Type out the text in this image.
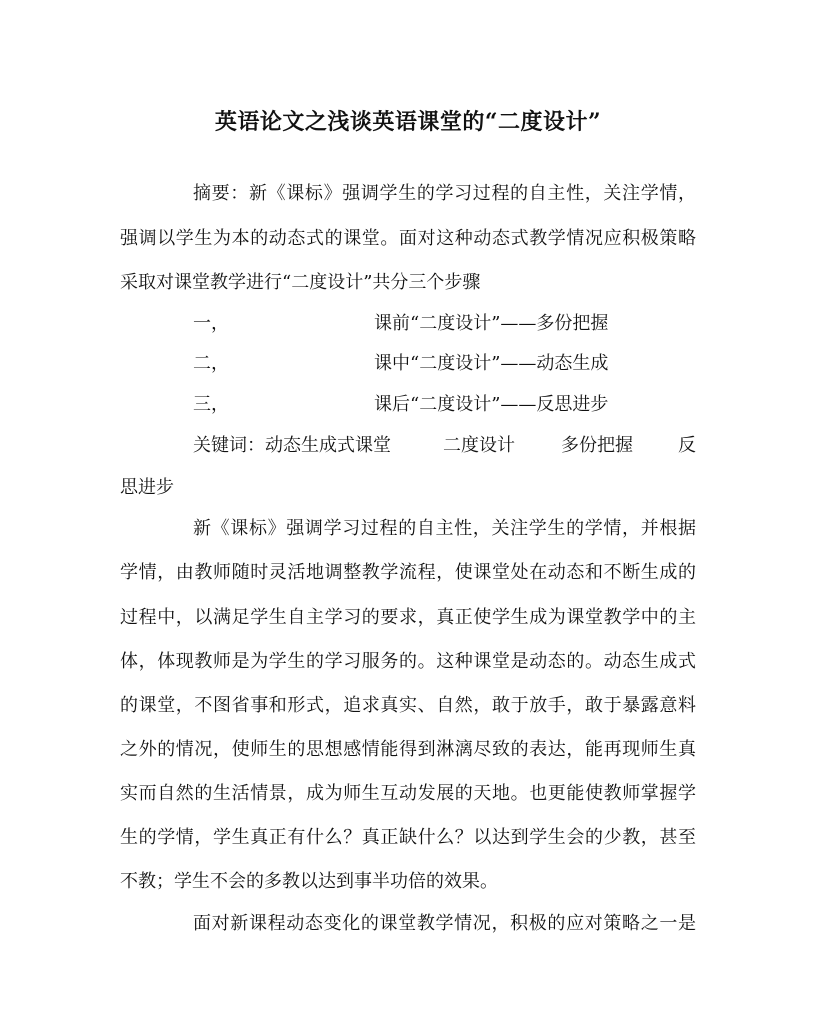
英语论文之浅谈英语课堂的“二度设计”
摘要：新《课标》强调学生的学习过程的自主性，关注学情，
强调以学生为本的动态式的课堂。面对这种动态式教学情况应积极策略
采取对课堂教学进行“二度设计”共分三个步骤
一，	课前“二度设计”——多份把握
二，	课中“二度设计”——动态生成
三，	课后“二度设计”——反思进步
关键词：动态生成式课堂	二度设计	多份把握	反
思进步
新《课标》强调学习过程的自主性，关注学生的学情，并根据
学情，由教师随时灵活地调整教学流程，使课堂处在动态和不断生成的
过程中，以满足学生自主学习的要求，真正使学生成为课堂教学中的主
体，体现教师是为学生的学习服务的。这种课堂是动态的。动态生成式
的课堂，不图省事和形式，追求真实、自然，敢于放手，敢于暴露意料
之外的情况，使师生的思想感情能得到淋漓尽致的表达，能再现师生真
实而自然的生活情景，成为师生互动发展的天地。也更能使教师掌握学
生的学情，学生真正有什么？真正缺什么？以达到学生会的少教，甚至
不教；学生不会的多教以达到事半功倍的效果。
面对新课程动态变化的课堂教学情况，积极的应对策略之一是
